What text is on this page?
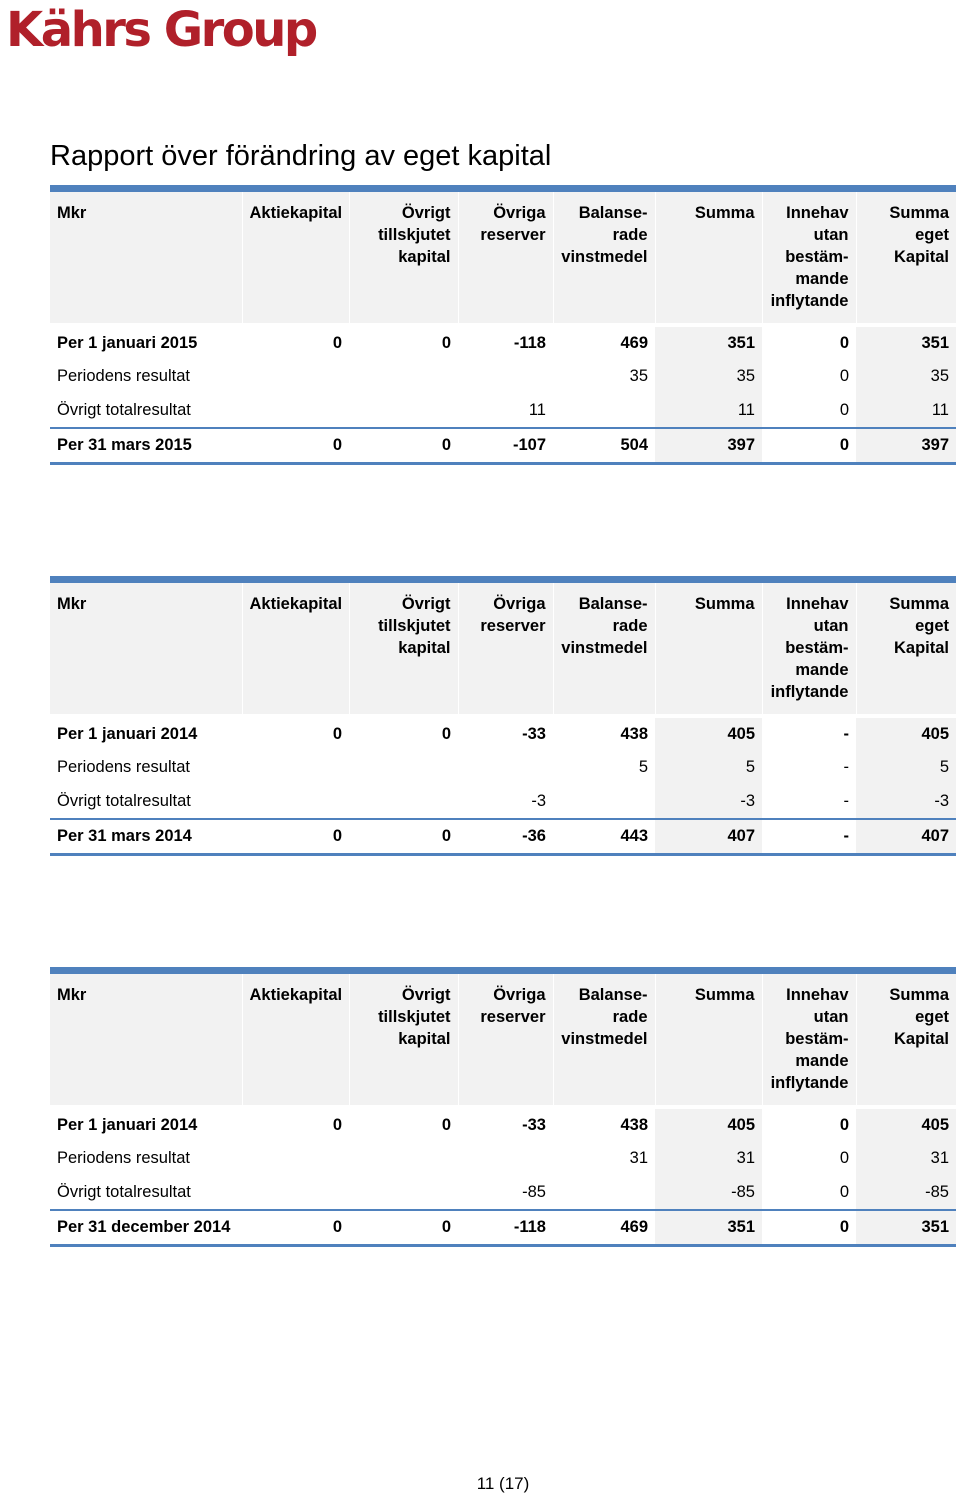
Kährs Group
Rapport över förändring av eget kapital
Mkr	Aktiekapital	Övrigt tillskjutet kapital	Övriga reserver	Balanse-rade vinstmedel	Summa	Innehav utan bestäm-mande inflytande	Summa eget Kapital

Per 1 januari 2015	0	0	-118	469	351	0	351
Periodens resultat				35	35	0	35
Övrigt totalresultat			11		11	0	11
Per 31 mars 2015	0	0	-107	504	397	0	397
Mkr	Aktiekapital	Övrigt tillskjutet kapital	Övriga reserver	Balanse-rade vinstmedel	Summa	Innehav utan bestäm-mande inflytande	Summa eget Kapital

Per 1 januari 2014	0	0	-33	438	405	-	405
Periodens resultat				5	5	-	5
Övrigt totalresultat			-3		-3	-	-3
Per 31 mars 2014	0	0	-36	443	407	-	407
Mkr	Aktiekapital	Övrigt tillskjutet kapital	Övriga reserver	Balanse-rade vinstmedel	Summa	Innehav utan bestäm-mande inflytande	Summa eget Kapital

Per 1 januari 2014	0	0	-33	438	405	0	405
Periodens resultat				31	31	0	31
Övrigt totalresultat			-85		-85	0	-85
Per 31 december 2014	0	0	-118	469	351	0	351
11 (17)
